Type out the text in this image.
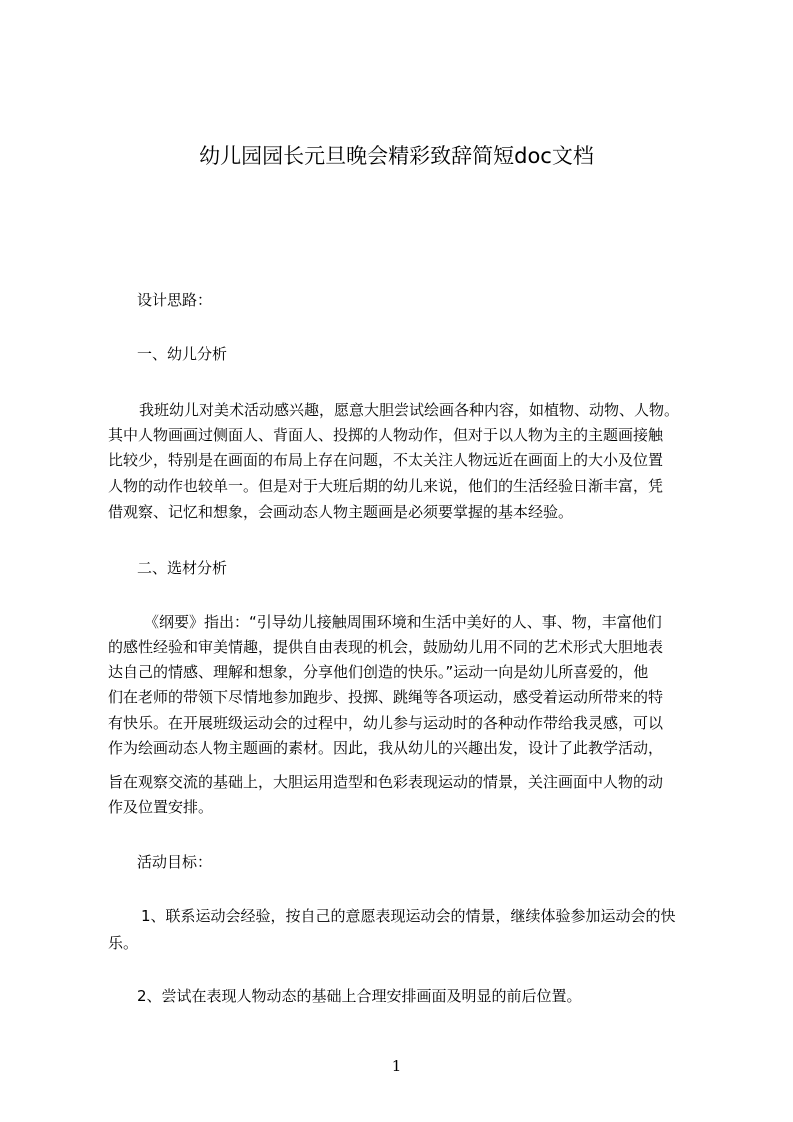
幼儿园园长元旦晚会精彩致辞简短doc文档
设计思路：
一、幼儿分析
我班幼儿对美术活动感兴趣，愿意大胆尝试绘画各种内容，如植物、动物、人物。
其中人物画画过侧面人、背面人、投掷的人物动作，但对于以人物为主的主题画接触
比较少，特别是在画面的布局上存在问题，不太关注人物远近在画面上的大小及位置
人物的动作也较单一。但是对于大班后期的幼儿来说，他们的生活经验日渐丰富，凭
借观察、记忆和想象，会画动态人物主题画是必须要掌握的基本经验。
二、选材分析
《纲要》指出：“引导幼儿接触周围环境和生活中美好的人、事、物，丰富他们
的感性经验和审美情趣，提供自由表现的机会，鼓励幼儿用不同的艺术形式大胆地表
达自己的情感、理解和想象，分享他们创造的快乐。”运动一向是幼儿所喜爱的，他
们在老师的带领下尽情地参加跑步、投掷、跳绳等各项运动，感受着运动所带来的特
有快乐。在开展班级运动会的过程中，幼儿参与运动时的各种动作带给我灵感，可以
作为绘画动态人物主题画的素材。因此，我从幼儿的兴趣出发，设计了此教学活动，
旨在观察交流的基础上，大胆运用造型和色彩表现运动的情景，关注画面中人物的动
作及位置安排。
活动目标：
1、联系运动会经验，按自己的意愿表现运动会的情景，继续体验参加运动会的快
乐。
2、尝试在表现人物动态的基础上合理安排画面及明显的前后位置。
1
